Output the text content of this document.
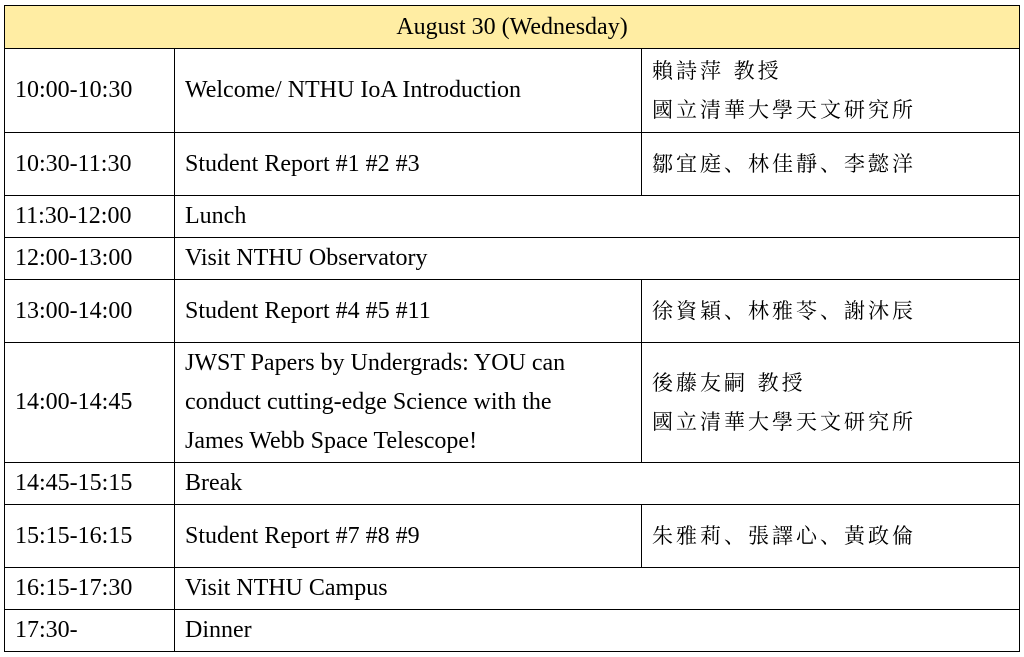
August 30 (Wednesday)		
10:00-10:30	Welcome/ NTHU IoA Introduction	賴詩萍 教授
國立清華大學天文研究所

10:30-11:30	Student Report #1 #2 #3	鄒宜庭、林佳靜、李懿洋

11:30-12:00	Lunch	

12:00-13:00	Visit NTHU Observatory	

13:00-14:00	Student Report #4 #5 #11	徐資穎、林雅苓、謝沐辰

14:00-14:45	JWST Papers by Undergrads: YOU can
conduct cutting-edge Science with the
James Webb Space Telescope!	後藤友嗣 教授
國立清華大學天文研究所

14:45-15:15	Break	

15:15-16:15	Student Report #7 #8 #9	朱雅莉、張譯心、黃政倫

16:15-17:30	Visit NTHU Campus	

17:30-	Dinner	
